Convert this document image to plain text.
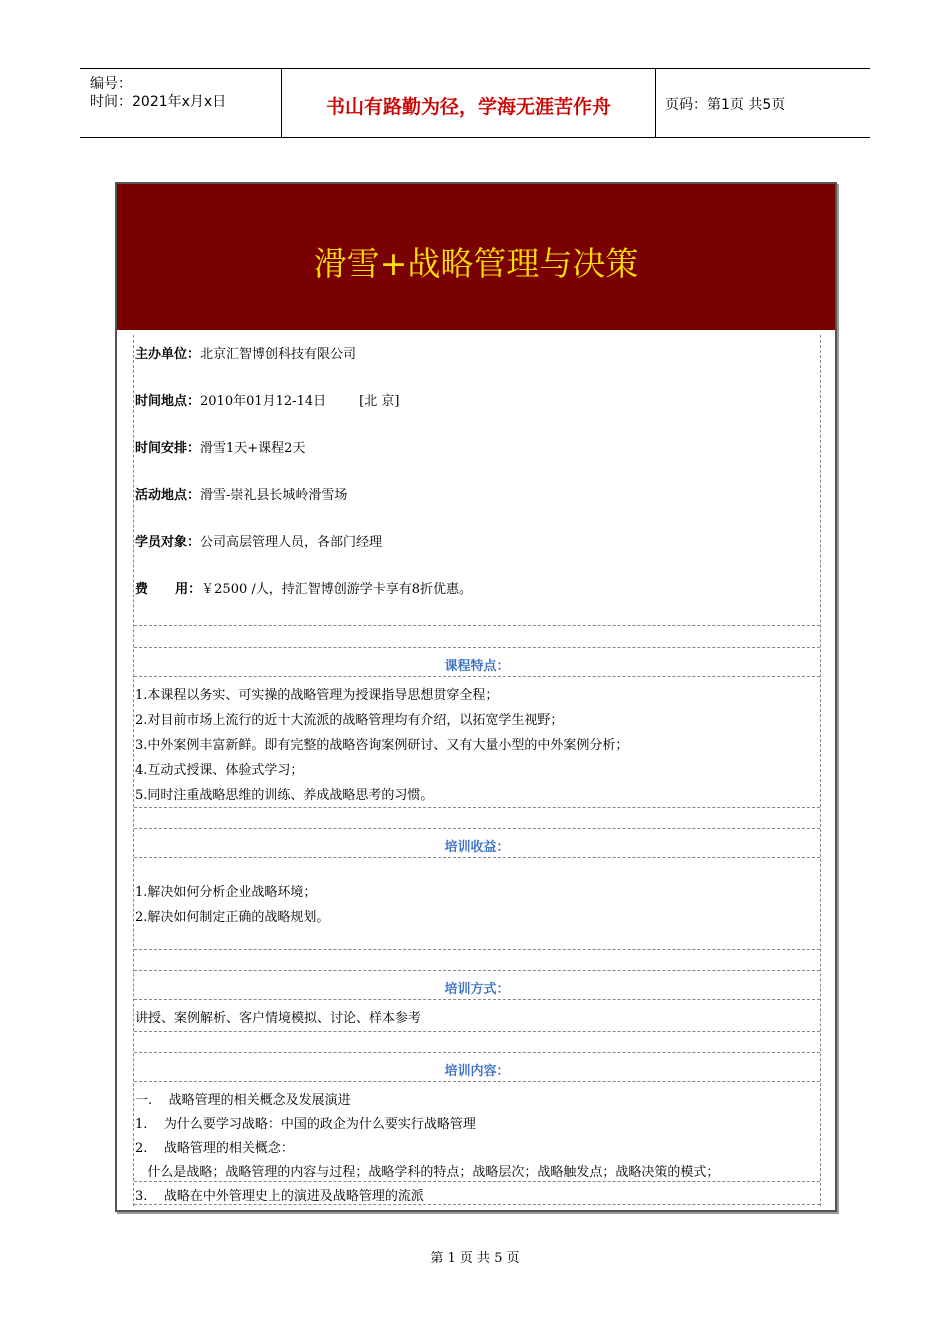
编号：
时间：2021年x月x日	书山有路勤为径，学海无涯苦作舟	页码：第1页 共5页
滑雪+战略管理与决策
主办单位：北京汇智博创科技有限公司
时间地点：2010年01月12-14日        [北 京]
时间安排：滑雪1天+课程2天
活动地点：滑雪-崇礼县长城岭滑雪场
学员对象：公司高层管理人员，各部门经理
费      用：￥2500 /人，持汇智博创游学卡享有8折优惠。
课程特点：
1.本课程以务实、可实操的战略管理为授课指导思想贯穿全程；
2.对目前市场上流行的近十大流派的战略管理均有介绍，以拓宽学生视野；
3.中外案例丰富新鲜。即有完整的战略咨询案例研讨、又有大量小型的中外案例分析；
4.互动式授课、体验式学习；
5.同时注重战略思维的训练、养成战略思考的习惯。
培训收益：
1.解决如何分析企业战略环境；
2.解决如何制定正确的战略规划。
培训方式：
讲授、案例解析、客户情境模拟、讨论、样本参考
培训内容：
一.    战略管理的相关概念及发展演进
1.    为什么要学习战略：中国的政企为什么要实行战略管理
2.    战略管理的相关概念：
什么是战略；战略管理的内容与过程；战略学科的特点；战略层次；战略触发点；战略决策的模式；
3.    战略在中外管理史上的演进及战略管理的流派
第 1 页 共 5 页
